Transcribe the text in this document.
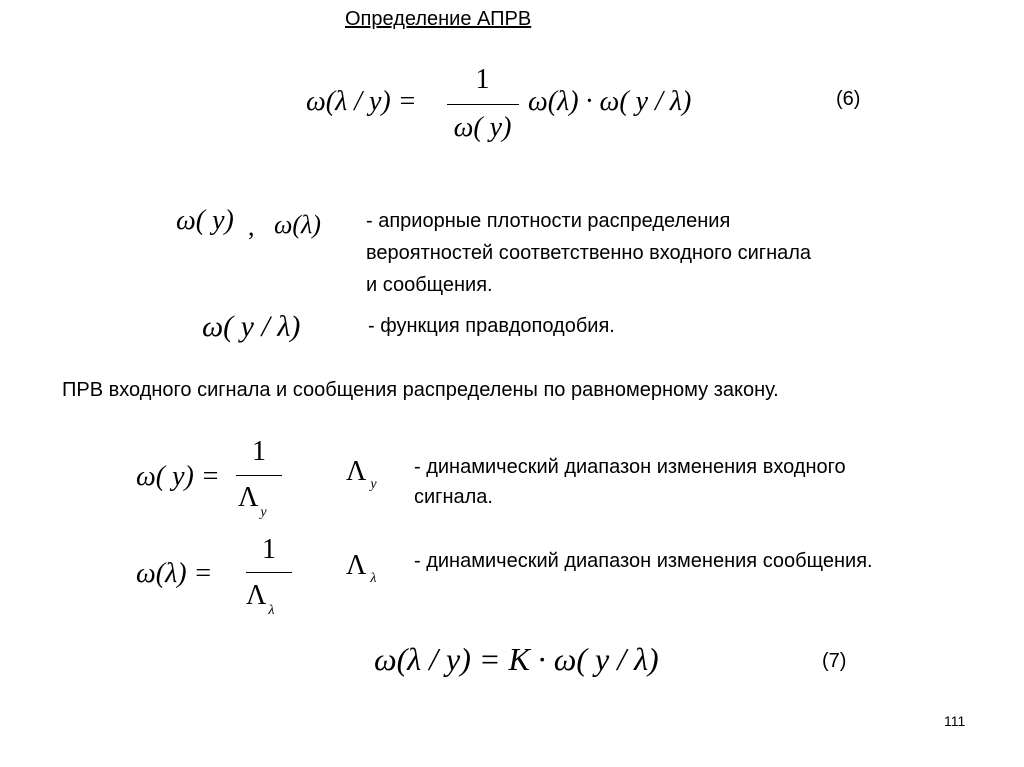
Определение АПРВ
ω(λ / y) =
1
ω( y)
ω(λ) · ω( y / λ)	(6)
ω( y) , ω(λ) - априорные плотности распределения
вероятностей соответственно входного сигнала
и сообщения.
ω( y / λ)	- функция правдоподобия.
ПРВ входного сигнала и сообщения распределены по равномерному закону.
ω( y) =
1
Λ $_y$
Λ $_y$
- динамический диапазон изменения входного
сигнала.
ω(λ) =
1
Λ $_\lambda$
Λ $_\lambda$
- динамический диапазон изменения сообщения.
ω(λ / y) = K · ω( y / λ)	(7)
111
